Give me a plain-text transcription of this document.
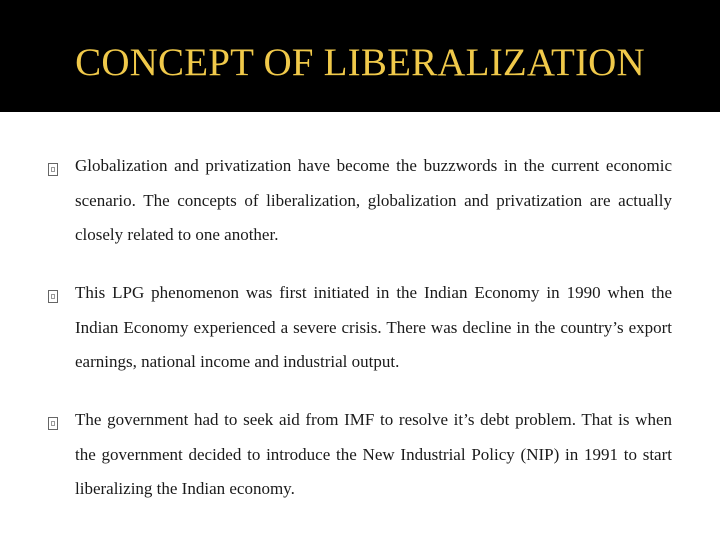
CONCEPT OF LIBERALIZATION
Globalization and privatization have become the buzzwords in the current economic scenario. The concepts of liberalization, globalization and privatization are actually closely related to one another.
This LPG phenomenon was first initiated in the Indian Economy in 1990 when the Indian Economy experienced a severe crisis. There was decline in the country’s export earnings, national income and industrial output.
The government had to seek aid from IMF to resolve it’s debt problem. That is when the government decided to introduce the New Industrial Policy (NIP) in 1991 to start liberalizing the Indian economy.
